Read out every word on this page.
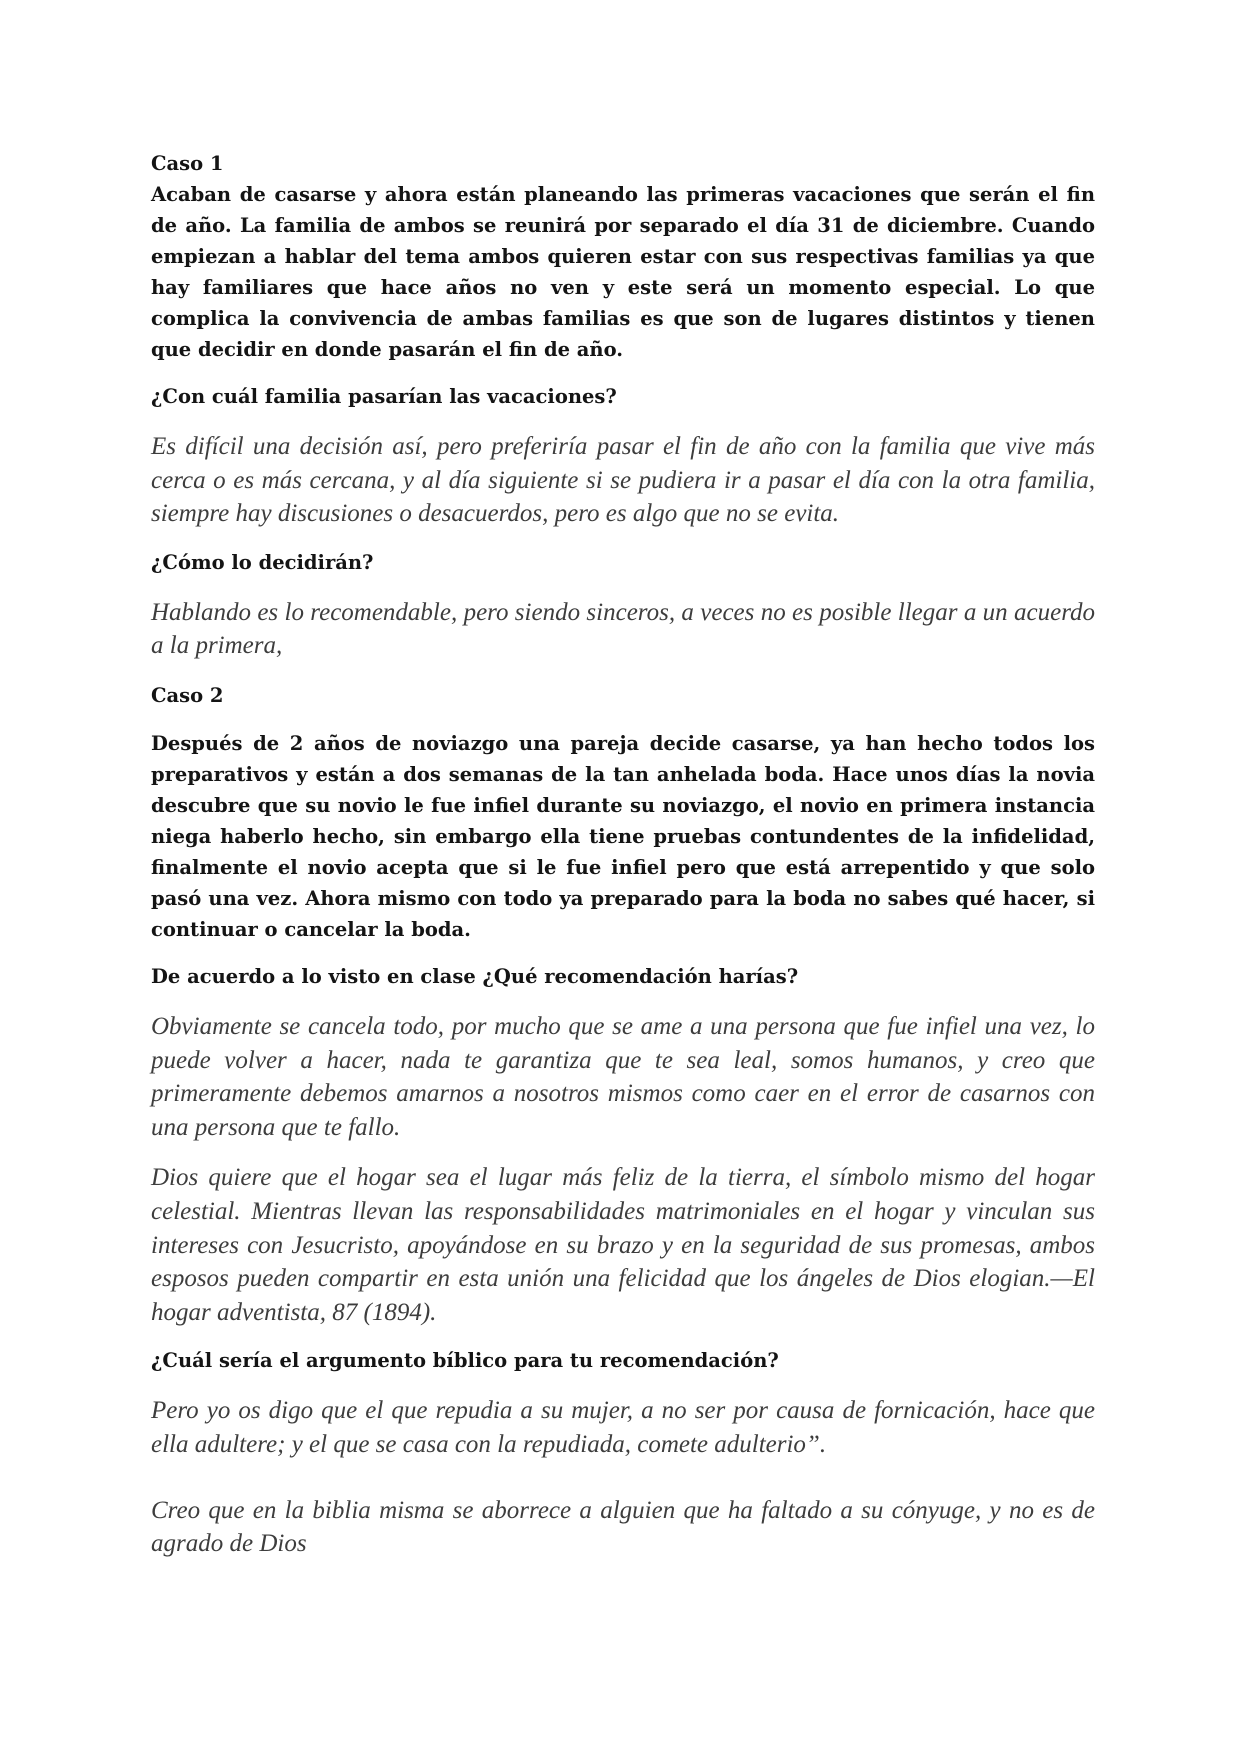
Caso 1

Acaban de casarse y ahora están planeando las primeras vacaciones que serán el fin de año. La familia de ambos se reunirá por separado el día 31 de diciembre. Cuando empiezan a hablar del tema ambos quieren estar con sus respectivas familias ya que hay familiares que hace años no ven y este será un momento especial. Lo que complica la convivencia de ambas familias es que son de lugares distintos y tienen que decidir en donde pasarán el fin de año.

¿Con cuál familia pasarían las vacaciones?

Es difícil una decisión así, pero preferiría pasar el fin de año con la familia que vive más cerca o es más cercana, y al día siguiente si se pudiera ir a pasar el día con la otra familia, siempre hay discusiones o desacuerdos, pero es algo que no se evita.

¿Cómo lo decidirán?

Hablando es lo recomendable, pero siendo sinceros, a veces no es posible llegar a un acuerdo a la primera,

Caso 2

Después de 2 años de noviazgo una pareja decide casarse, ya han hecho todos los preparativos y están a dos semanas de la tan anhelada boda. Hace unos días la novia descubre que su novio le fue infiel durante su noviazgo, el novio en primera instancia niega haberlo hecho, sin embargo ella tiene pruebas contundentes de la infidelidad, finalmente el novio acepta que si le fue infiel pero que está arrepentido y que solo pasó una vez. Ahora mismo con todo ya preparado para la boda no sabes qué hacer, si continuar o cancelar la boda.

De acuerdo a lo visto en clase ¿Qué recomendación harías?

Obviamente se cancela todo, por mucho que se ame a una persona que fue infiel una vez, lo puede volver a hacer, nada te garantiza que te sea leal, somos humanos, y creo que primeramente debemos amarnos a nosotros mismos como caer en el error de casarnos con una persona que te fallo.

Dios quiere que el hogar sea el lugar más feliz de la tierra, el símbolo mismo del hogar celestial. Mientras llevan las responsabilidades matrimoniales en el hogar y vinculan sus intereses con Jesucristo, apoyándose en su brazo y en la seguridad de sus promesas, ambos esposos pueden compartir en esta unión una felicidad que los ángeles de Dios elogian.—El hogar adventista, 87 (1894).

¿Cuál sería el argumento bíblico para tu recomendación?

Pero yo os digo que el que repudia a su mujer, a no ser por causa de fornicación, hace que ella adultere; y el que se casa con la repudiada, comete adulterio”.

Creo que en la biblia misma se aborrece a alguien que ha faltado a su cónyuge, y no es de agrado de Dios
